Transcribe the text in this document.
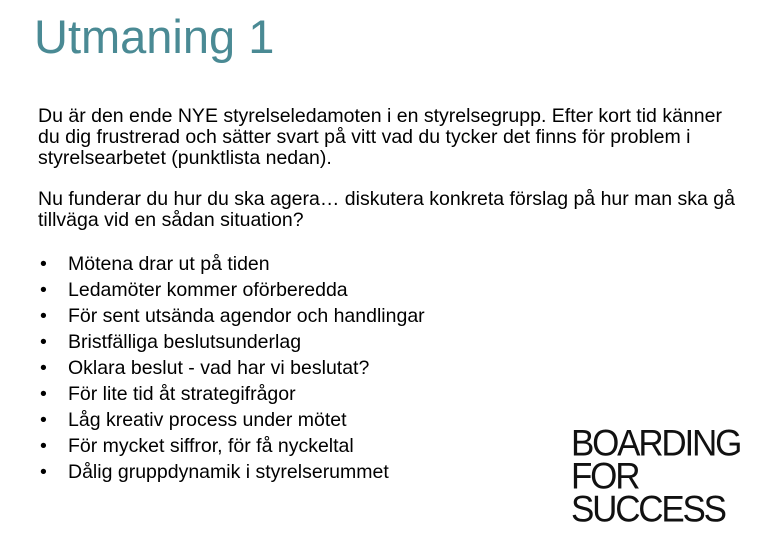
Utmaning 1

Du är den ende NYE styrelseledamoten i en styrelsegrupp. Efter kort tid känner du dig frustrerad och sätter svart på vitt vad du tycker det finns för problem i styrelsearbetet (punktlista nedan).

Nu funderar du hur du ska agera… diskutera konkreta förslag på hur man ska gå tillväga vid en sådan situation?

• Mötena drar ut på tiden
• Ledamöter kommer oförberedda
• För sent utsända agendor och handlingar
• Bristfälliga beslutsunderlag
• Oklara beslut - vad har vi beslutat?
• För lite tid åt strategifrågor
• Låg kreativ process under mötet
• För mycket siffror, för få nyckeltal
• Dålig gruppdynamik i styrelserummet
BOARDING
FOR
SUCCESS
